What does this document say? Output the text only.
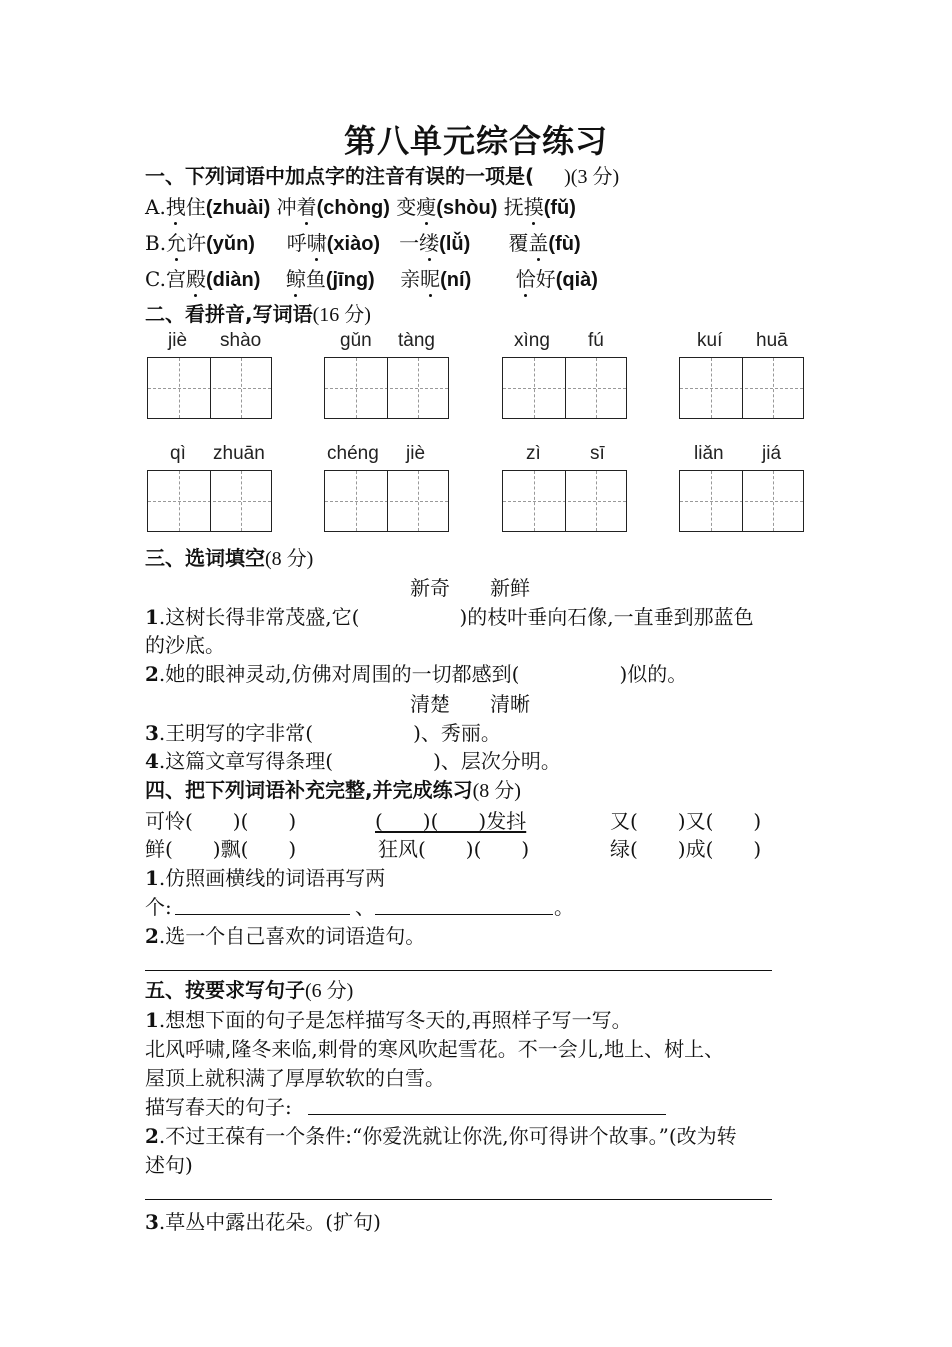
第八单元综合练习
一、下列词语中加点字的注音有误的一项是( )(3 分)
A.拽住(zhuài) 冲着(chòng) 变瘦(shòu) 抚摸(fǔ)
B.允许(yǔn) 呼啸(xiào) 一缕(lǚ) 覆盖(fù)
C.宫殿(diàn) 鲸鱼(jīng) 亲昵(ní) 恰好(qià)
二、看拼音,写词语(16 分)
jiè shào	gǔn tàng	xìng fú	kuí huā
qì zhuān	chéng jiè	zì	sī	liǎn jiá
三、选词填空(8 分)
新奇　　新鲜
1.这树长得非常茂盛,它(　　　　　)的枝叶垂向石像,一直垂到那蓝色
的沙底。
2.她的眼神灵动,仿佛对周围的一切都感到(　　　　　)似的。
清楚　　清晰
3.王明写的字非常(　　　　　)、秀丽。
4.这篇文章写得条理(　　　　　)、层次分明。
四、把下列词语补充完整,并完成练习(8 分)
可怜(　　)(　　)	(　　)(　　)发抖	又(　　)又(　　)
鲜(　　)飘(　　)	狂风(　　)(　　)	绿(　　)成(　　)
1.仿照画横线的词语再写两
个:	、	。
2.选一个自己喜欢的词语造句。
五、按要求写句子(6 分)
1.想想下面的句子是怎样描写冬天的,再照样子写一写。
北风呼啸,隆冬来临,刺骨的寒风吹起雪花。不一会儿,地上、树上、
屋顶上就积满了厚厚软软的白雪。
描写春天的句子:
2.不过王葆有一个条件:“你爱洗就让你洗,你可得讲个故事。”(改为转
述句)
3.草丛中露出花朵。(扩句)
